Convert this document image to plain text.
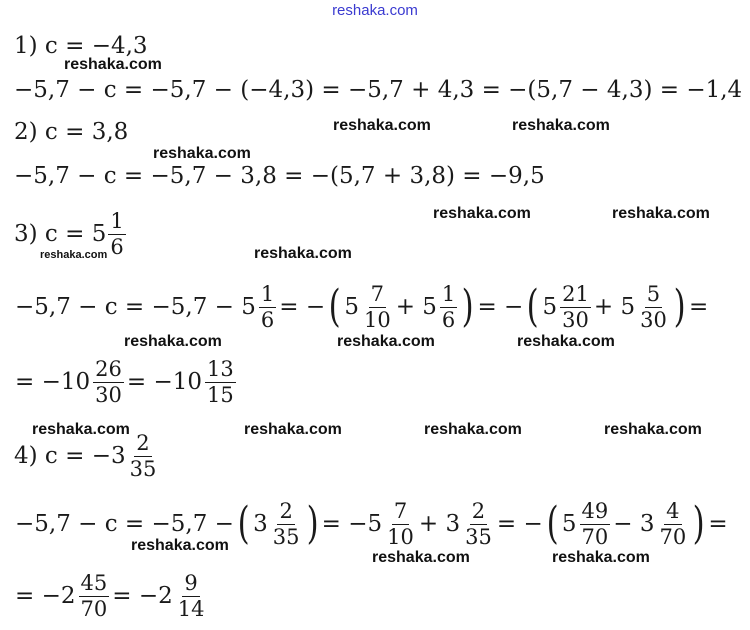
reshaka.com
reshaka.com
reshaka.com	reshaka.com
reshaka.com
reshaka.com	reshaka.com
reshaka.com	reshaka.com
reshaka.com	reshaka.com	reshaka.com
reshaka.com	reshaka.com	reshaka.com	reshaka.com
reshaka.com
reshaka.com	reshaka.com
1) c = −4,3
−5,7 − c = −5,7 − (−4,3) = −5,7 + 4,3 = −(5,7 − 4,3) = −1,4
2) c = 3,8
−5,7 − c = −5,7 − 3,8 = −(5,7 + 3,8) = −9,5
3) $c = 5 \frac{1}{6}$
$-5,7 - c = -5,7 - 5 \frac{1}{6}$ = − ( $5 \frac{7}{10} + 5 \frac{1}{6}$ ) = − ( $5 \frac{21}{30} + 5 \frac{5}{30}$ ) =
= $-10 \frac{26}{30} = -10 \frac{13}{15}$
4) $c = -3 \frac{2}{35}$
−5,7 − c = −5,7 − ( $3 \frac{2}{35}$ ) = $-5 \frac{7}{10} + 3 \frac{2}{35}$ = − ( $5 \frac{49}{70} - 3 \frac{4}{70}$ ) =
= $-2 \frac{45}{70} = -2 \frac{9}{14}$
